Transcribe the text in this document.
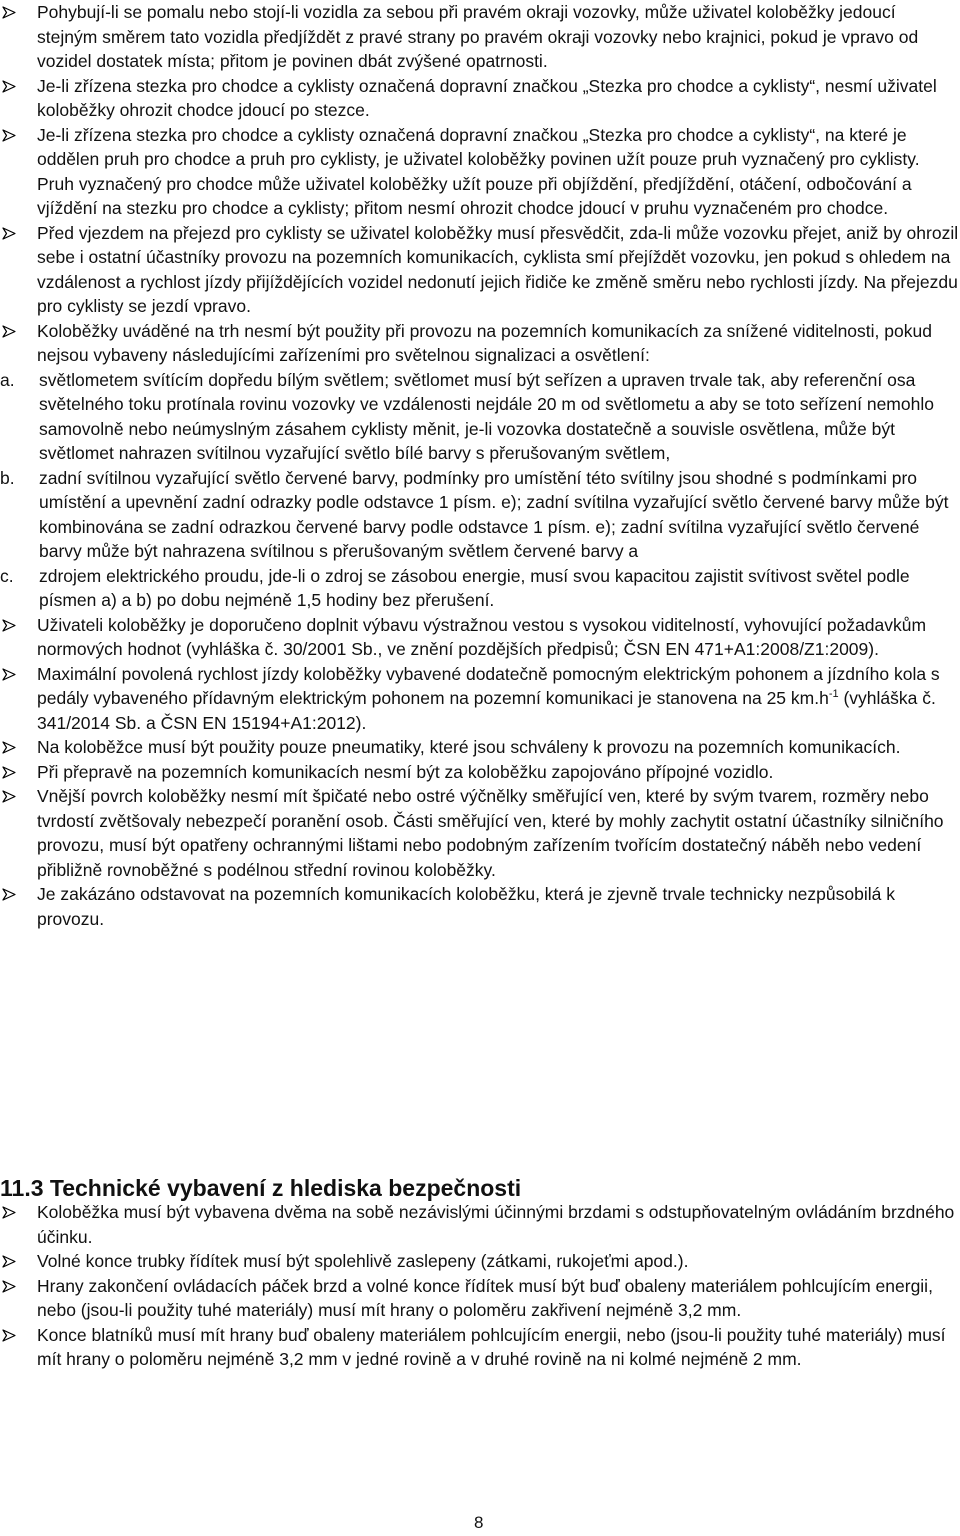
Pohybují-li se pomalu nebo stojí-li vozidla za sebou při pravém okraji vozovky, může uživatel koloběžky jedoucí stejným směrem tato vozidla předjíždět z pravé strany po pravém okraji vozovky nebo krajnici, pokud je vpravo od vozidel dostatek místa; přitom je povinen dbát zvýšené opatrnosti.
Je-li zřízena stezka pro chodce a cyklisty označená dopravní značkou „Stezka pro chodce a cyklisty“, nesmí uživatel koloběžky ohrozit chodce jdoucí po stezce.
Je-li zřízena stezka pro chodce a cyklisty označená dopravní značkou „Stezka pro chodce a cyklisty“, na které je oddělen pruh pro chodce a pruh pro cyklisty, je uživatel koloběžky povinen užít pouze pruh vyznačený pro cyklisty. Pruh vyznačený pro chodce může uživatel koloběžky užít pouze při objíždění, předjíždění, otáčení, odbočování a vjíždění na stezku pro chodce a cyklisty; přitom nesmí ohrozit chodce jdoucí v pruhu vyznačeném pro chodce.
Před vjezdem na přejezd pro cyklisty se uživatel koloběžky musí přesvědčit, zda-li může vozovku přejet, aniž by ohrozil sebe i ostatní účastníky provozu na pozemních komunikacích, cyklista smí přejíždět vozovku, jen pokud s ohledem na vzdálenost a rychlost jízdy přijíždějících vozidel nedonutí jejich řidiče ke změně směru nebo rychlosti jízdy. Na přejezdu pro cyklisty se jezdí vpravo.
Koloběžky uváděné na trh nesmí být použity při provozu na pozemních komunikacích za snížené viditelnosti, pokud nejsou vybaveny následujícími zařízeními pro světelnou signalizaci a osvětlení:
a. světlometem svítícím dopředu bílým světlem; světlomet musí být seřízen a upraven trvale tak, aby referenční osa světelného toku protínala rovinu vozovky ve vzdálenosti nejdále 20 m od světlometu a aby se toto seřízení nemohlo samovolně nebo neúmyslným zásahem cyklisty měnit, je-li vozovka dostatečně a souvisle osvětlena, může být světlomet nahrazen svítilnou vyzařující světlo bílé barvy s přerušovaným světlem,
b. zadní svítilnou vyzařující světlo červené barvy, podmínky pro umístění této svítilny jsou shodné s podmínkami pro umístění a upevnění zadní odrazky podle odstavce 1 písm. e); zadní svítilna vyzařující světlo červené barvy může být kombinována se zadní odrazkou červené barvy podle odstavce 1 písm. e); zadní svítilna vyzařující světlo červené barvy může být nahrazena svítilnou s přerušovaným světlem červené barvy a
c. zdrojem elektrického proudu, jde-li o zdroj se zásobou energie, musí svou kapacitou zajistit svítivost světel podle písmen a) a b) po dobu nejméně 1,5 hodiny bez přerušení.
Uživateli koloběžky je doporučeno doplnit výbavu výstražnou vestou s vysokou viditelností, vyhovující požadavkům normových hodnot (vyhláška č. 30/2001 Sb., ve znění pozdějších předpisů; ČSN EN 471+A1:2008/Z1:2009).
Maximální povolená rychlost jízdy koloběžky vybavené dodatečně pomocným elektrickým pohonem a jízdního kola s pedály vybaveného přídavným elektrickým pohonem na pozemní komunikaci je stanovena na 25 $km.h^{-1}$ (vyhláška č. 341/2014 Sb. a ČSN EN 15194+A1:2012).
Na koloběžce musí být použity pouze pneumatiky, které jsou schváleny k provozu na pozemních komunikacích.
Při přepravě na pozemních komunikacích nesmí být za koloběžku zapojováno přípojné vozidlo.
Vnější povrch koloběžky nesmí mít špičaté nebo ostré výčnělky směřující ven, které by svým tvarem, rozměry nebo tvrdostí zvětšovaly nebezpečí poranění osob. Části směřující ven, které by mohly zachytit ostatní účastníky silničního provozu, musí být opatřeny ochrannými lištami nebo podobným zařízením tvořícím dostatečný náběh nebo vedení přibližně rovnoběžné s podélnou střední rovinou koloběžky.
Je zakázáno odstavovat na pozemních komunikacích koloběžku, která je zjevně trvale technicky nezpůsobilá k provozu.
11.3 Technické vybavení z hlediska bezpečnosti
Koloběžka musí být vybavena dvěma na sobě nezávislými účinnými brzdami s odstupňovatelným ovládáním brzdného účinku.
Volné konce trubky řídítek musí být spolehlivě zaslepeny (zátkami, rukojeťmi apod.).
Hrany zakončení ovládacích páček brzd a volné konce řídítek musí být buď obaleny materiálem pohlcujícím energii, nebo (jsou-li použity tuhé materiály) musí mít hrany o poloměru zakřivení nejméně 3,2 mm.
Konce blatníků musí mít hrany buď obaleny materiálem pohlcujícím energii, nebo (jsou-li použity tuhé materiály) musí mít hrany o poloměru nejméně 3,2 mm v jedné rovině a v druhé rovině na ni kolmé nejméně 2 mm.
8
